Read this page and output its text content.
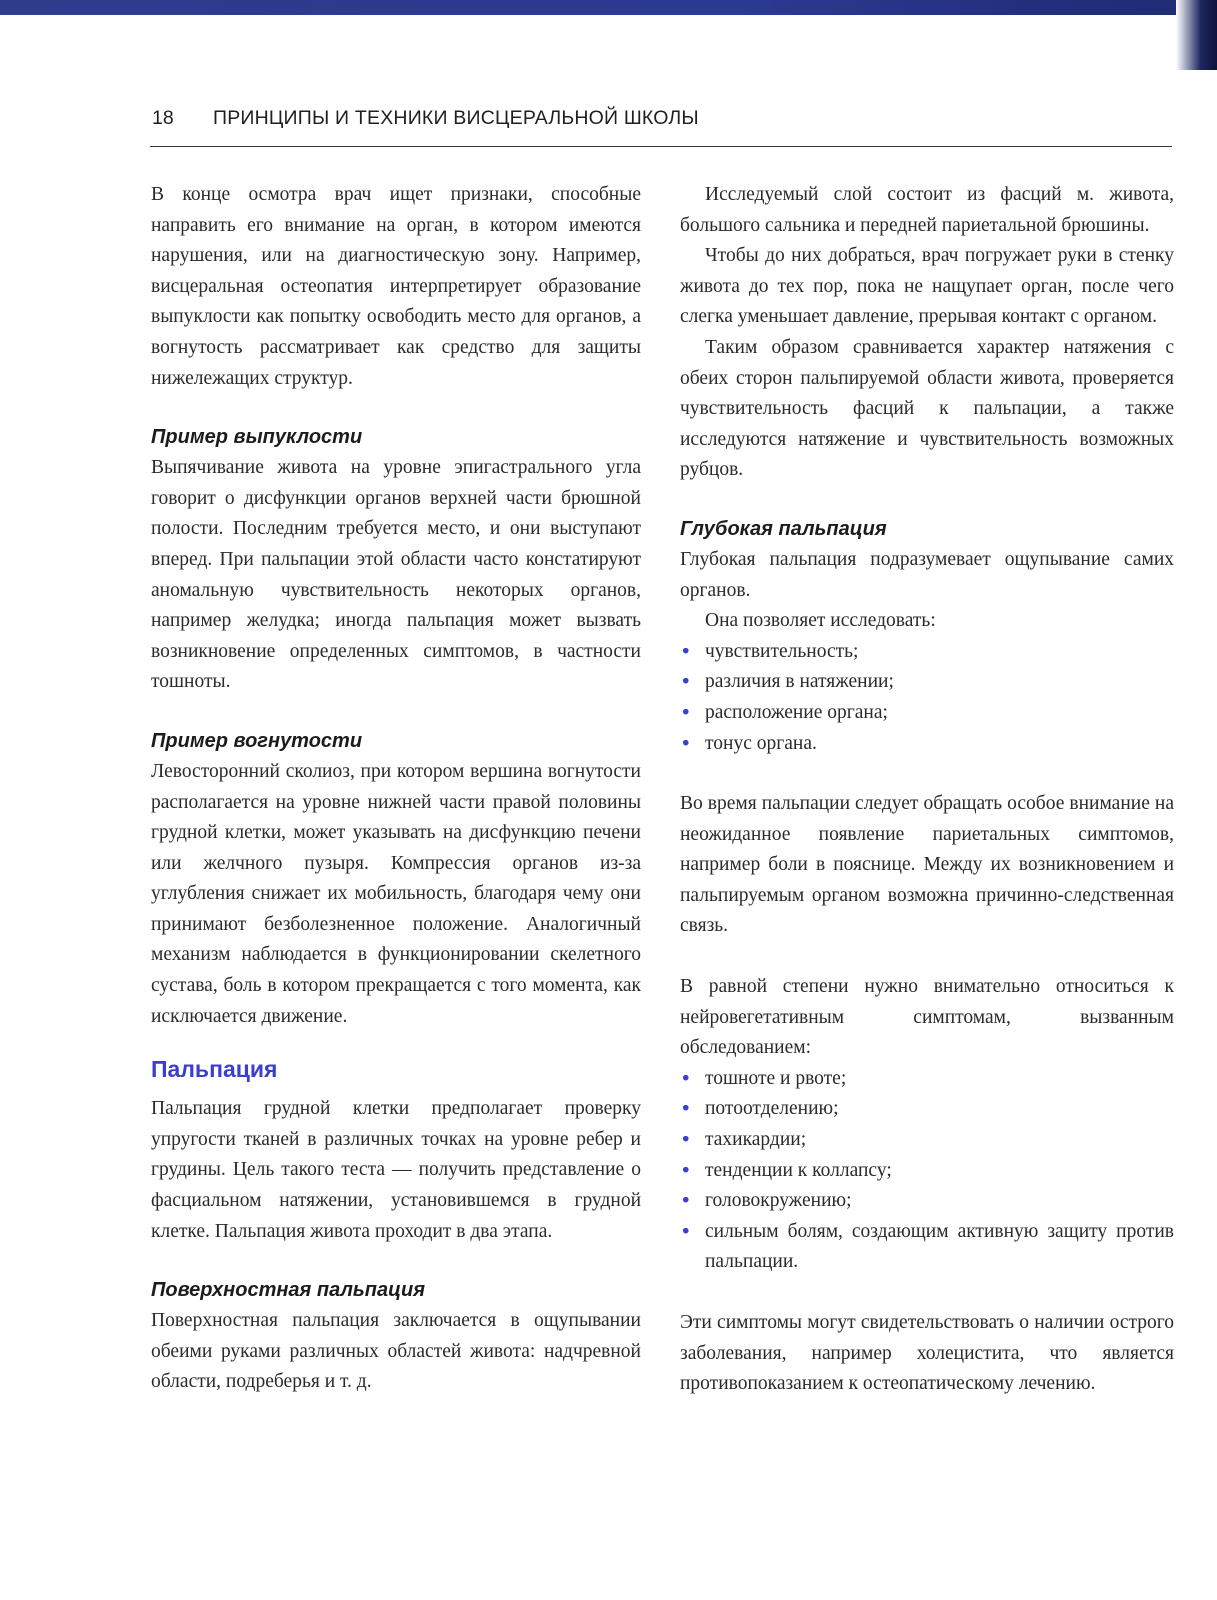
18 ПРИНЦИПЫ И ТЕХНИКИ ВИСЦЕРАЛЬНОЙ ШКОЛЫ

В конце осмотра врач ищет признаки, способные направить его внимание на орган, в котором имеются нарушения, или на диагностическую зону. Например, висцеральная остеопатия интерпретирует образование выпуклости как попытку освободить место для органов, а вогнутость рассматривает как средство для защиты нижележащих структур.

Пример выпуклости

Выпячивание живота на уровне эпигастрального угла говорит о дисфункции органов верхней части брюшной полости. Последним требуется место, и они выступают вперед. При пальпации этой области часто констатируют аномальную чувствительность некоторых органов, например желудка; иногда пальпация может вызвать возникновение определенных симптомов, в частности тошноты.

Пример вогнутости

Левосторонний сколиоз, при котором вершина вогнутости располагается на уровне нижней части правой половины грудной клетки, может указывать на дисфункцию печени или желчного пузыря. Компрессия органов из-за углубления снижает их мобильность, благодаря чему они принимают безболезненное положение. Аналогичный механизм наблюдается в функционировании скелетного сустава, боль в котором прекращается с того момента, как исключается движение.

Пальпация

Пальпация грудной клетки предполагает проверку упругости тканей в различных точках на уровне ребер и грудины. Цель такого теста — получить представление о фасциальном натяжении, установившемся в грудной клетке. Пальпация живота проходит в два этапа.

Поверхностная пальпация

Поверхностная пальпация заключается в ощупывании обеими руками различных областей живота: надчревной области, подреберья и т. д.

Исследуемый слой состоит из фасций м. живота, большого сальника и передней париетальной брюшины.

Чтобы до них добраться, врач погружает руки в стенку живота до тех пор, пока не нащупает орган, после чего слегка уменьшает давление, прерывая контакт с органом.

Таким образом сравнивается характер натяжения с обеих сторон пальпируемой области живота, проверяется чувствительность фасций к пальпации, а также исследуются натяжение и чувствительность возможных рубцов.

Глубокая пальпация

Глубокая пальпация подразумевает ощупывание самих органов.

Она позволяет исследовать:

• чувствительность;
• различия в натяжении;
• расположение органа;
• тонус органа.

Во время пальпации следует обращать особое внимание на неожиданное появление париетальных симптомов, например боли в пояснице. Между их возникновением и пальпируемым органом возможна причинно-следственная связь.

В равной степени нужно внимательно относиться к нейровегетативным симптомам, вызванным обследованием:

• тошноте и рвоте;
• потоотделению;
• тахикардии;
• тенденции к коллапсу;
• головокружению;
• сильным болям, создающим активную защиту против пальпации.

Эти симптомы могут свидетельствовать о наличии острого заболевания, например холецистита, что является противопоказанием к остеопатическому лечению.
